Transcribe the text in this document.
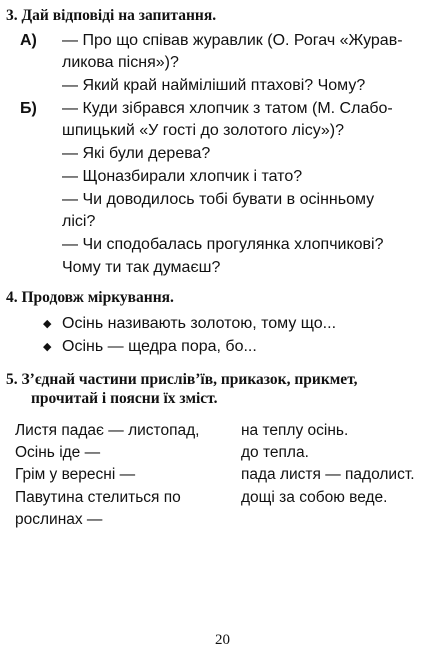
3. Дай відповіді на запитання.
А) — Про що співав журавлик (О. Рогач «Журав-
ликова пісня»)?
— Який край найміліший птахові? Чому?
Б) — Куди зібрався хлопчик з татом (М. Слабо-
шпицький «У гості до золотого лісу»)?
— Які були дерева?
— Щоназбирали хлопчик і тато?
— Чи доводилось тобі бувати в осінньому
лісі?
— Чи сподобалась прогулянка хлопчикові?
Чому ти так думаєш?
4. Продовж міркування.
◆ Осінь називають золотою, тому що...
◆ Осінь — щедра пора, бо...
5. З’єднай частини прислів’їв, приказок, прикмет,
прочитай і поясни їх зміст.
Листя падає — листопад,
Осінь іде —
Грім у вересні —
Павутина стелиться по
рослинах —
на теплу осінь.
до тепла.
пада листя — падолист.
дощі за собою веде.
20
